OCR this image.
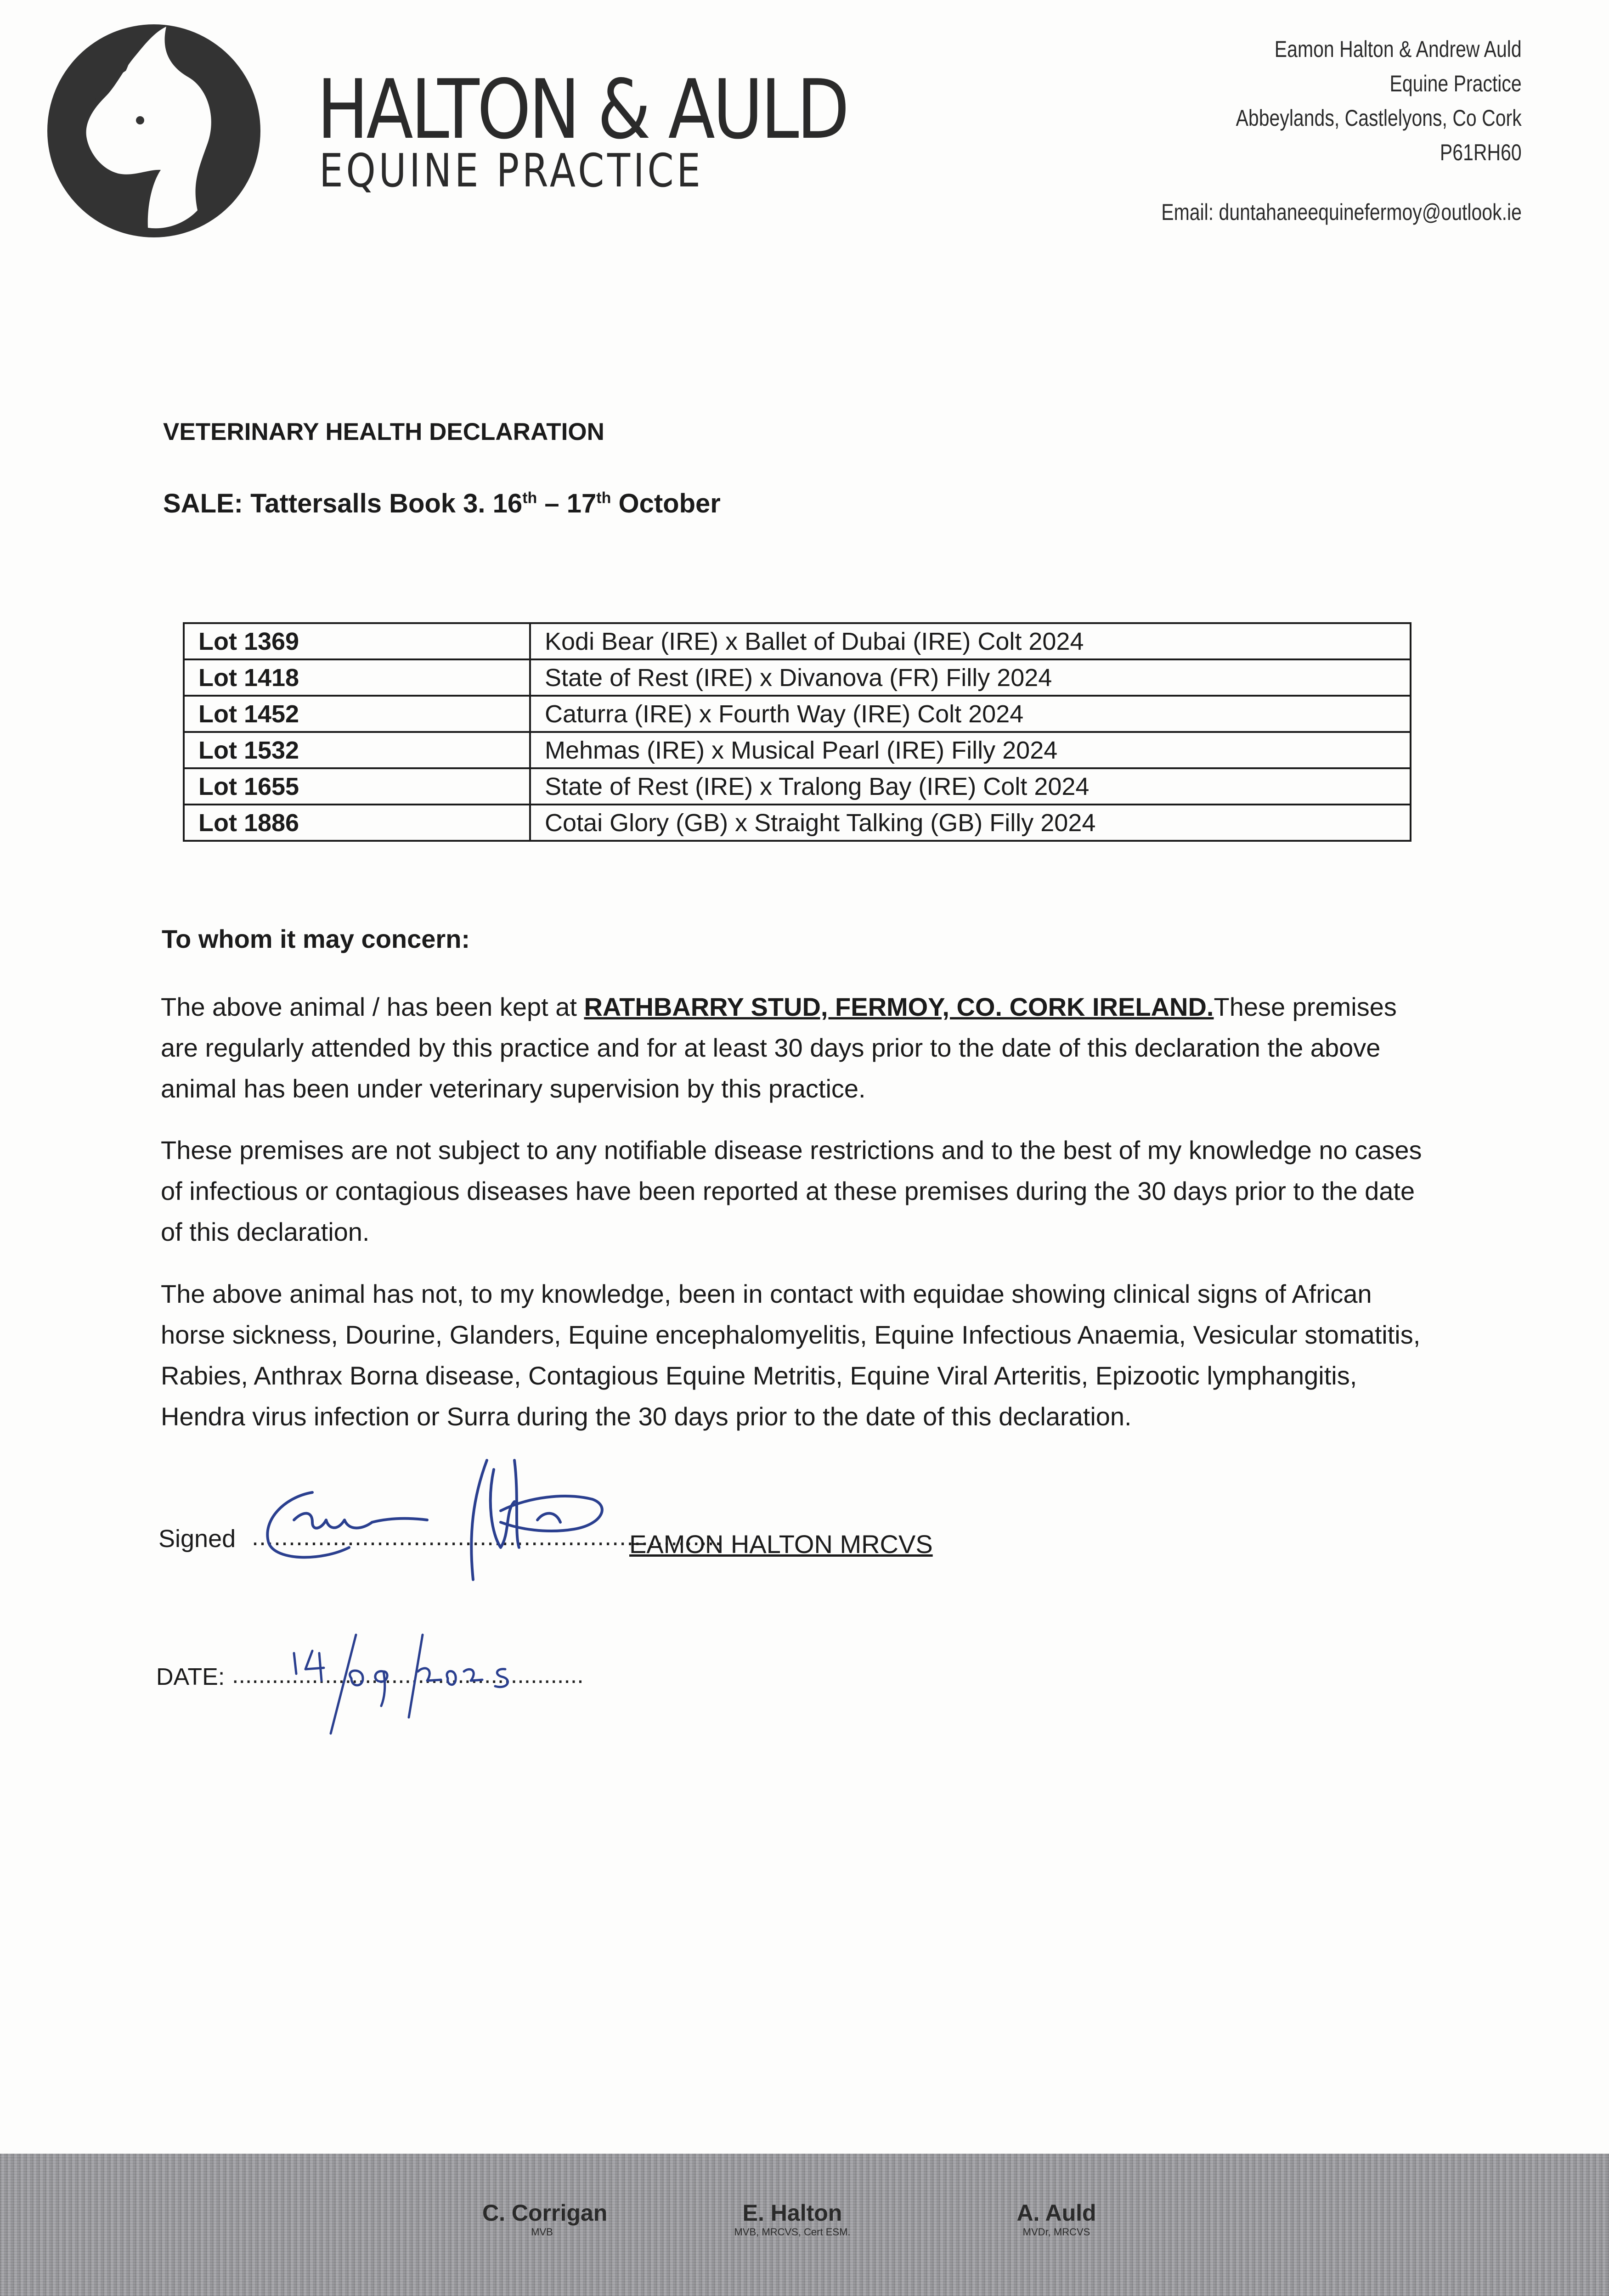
HALTON & AULD
EQUINE PRACTICE
Eamon Halton & Andrew Auld
Equine Practice
Abbeylands, Castlelyons, Co Cork
P61RH60
Email: duntahaneequinefermoy@outlook.ie
VETERINARY HEALTH DECLARATION
SALE: Tattersalls Book 3. 16th – 17th October
Lot 1369	Kodi Bear (IRE) x Ballet of Dubai (IRE) Colt 2024
Lot 1418	State of Rest (IRE) x Divanova (FR) Filly 2024
Lot 1452	Caturra (IRE) x Fourth Way (IRE) Colt 2024
Lot 1532	Mehmas (IRE) x Musical Pearl (IRE) Filly 2024
Lot 1655	State of Rest (IRE) x Tralong Bay (IRE) Colt 2024
Lot 1886	Cotai Glory (GB) x Straight Talking (GB) Filly 2024
To whom it may concern:
The above animal / has been kept at RATHBARRY STUD, FERMOY, CO. CORK IRELAND.These premises are regularly attended by this practice and for at least 30 days prior to the date of this declaration the above animal has been under veterinary supervision by this practice.
These premises are not subject to any notifiable disease restrictions and to the best of my knowledge no cases of infectious or contagious diseases have been reported at these premises during the 30 days prior to the date of this declaration.
The above animal has not, to my knowledge, been in contact with equidae showing clinical signs of African horse sickness, Dourine, Glanders, Equine encephalomyelitis, Equine Infectious Anaemia, Vesicular stomatitis, Rabies, Anthrax Borna disease, Contagious Equine Metritis, Equine Viral Arteritis, Epizootic lymphangitis, Hendra virus infection or Surra during the 30 days prior to the date of this declaration.
Signed ................................................................
EAMON HALTON MRCVS
DATE: .....................................................
C. Corrigan
MVB
E. Halton
MVB, MRCVS, Cert ESM.
A. Auld
MVDr, MRCVS
